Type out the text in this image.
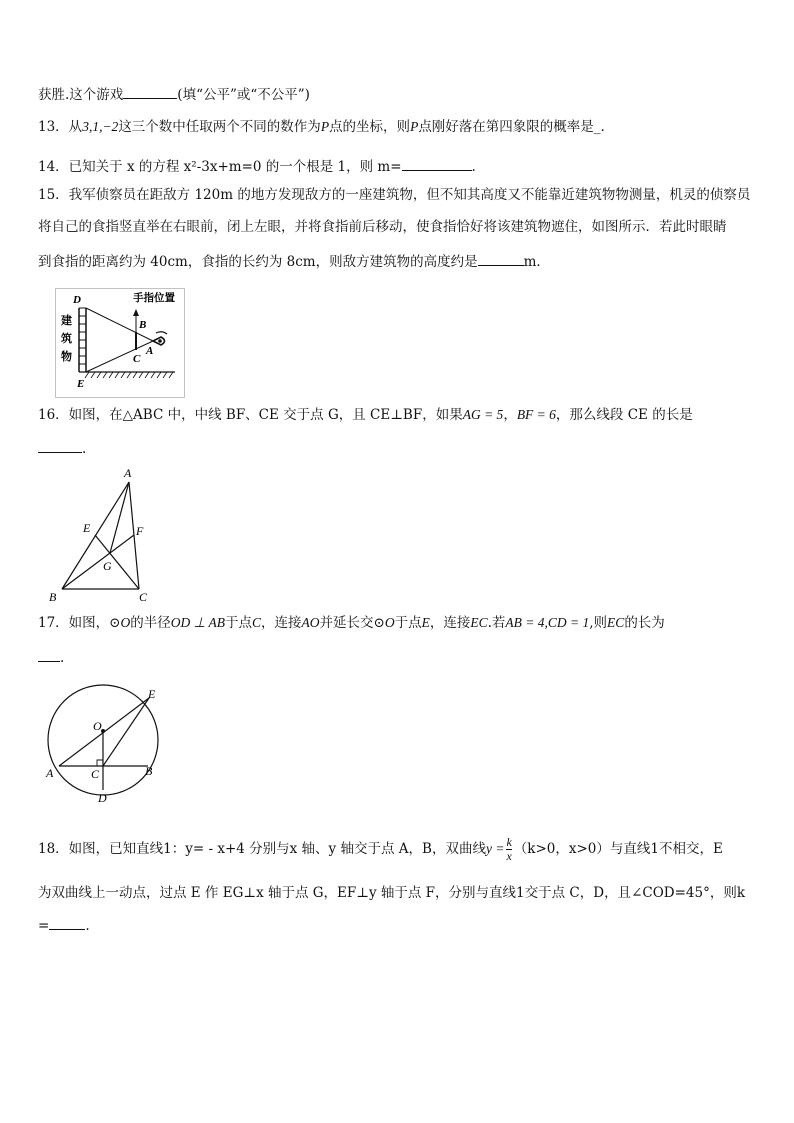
获胜.这个游戏	(填“公平”或“不公平”)
13．从3,1,−2这三个数中任取两个不同的数作为P点的坐标，则P点刚好落在第四象限的概率是_.
14．已知关于 x 的方程 x²-3x+m=0 的一个根是 1，则 m=	.
15．我军侦察员在距敌方 120m 的地方发现敌方的一座建筑物，但不知其高度又不能靠近建筑物物测量，机灵的侦察员
将自己的食指竖直举在右眼前，闭上左眼，并将食指前后移动，使食指恰好将该建筑物遮住，如图所示．若此时眼睛
到食指的距离约为 40cm，食指的长约为 8cm，则敌方建筑物的高度约是	m．
D
E
B
C
A
建
筑
物
手指位置
16．如图，在△ABC 中，中线 BF、CE 交于点 G，且 CE⊥BF，如果AG = 5，BF = 6，那么线段 CE 的长是
.
A
B	C
E	F
G
17．如图，⊙O的半径OD ⊥ AB于点C，连接AO并延长交⊙O于点E，连接EC.若AB = 4,CD = 1,则EC的长为
.
O
A	B
C
D
E
18．如图，已知直线1：y= - x+4 分别与x 轴、y 轴交于点 A，B，双曲线$y = \frac{k}{x} (k>0$，x>0）与直线1不相交，E
为双曲线上一动点，过点 E 作 EG⊥x 轴于点 G，EF⊥y 轴于点 F，分别与直线1交于点 C，D，且∠COD=45°，则k
=	.
